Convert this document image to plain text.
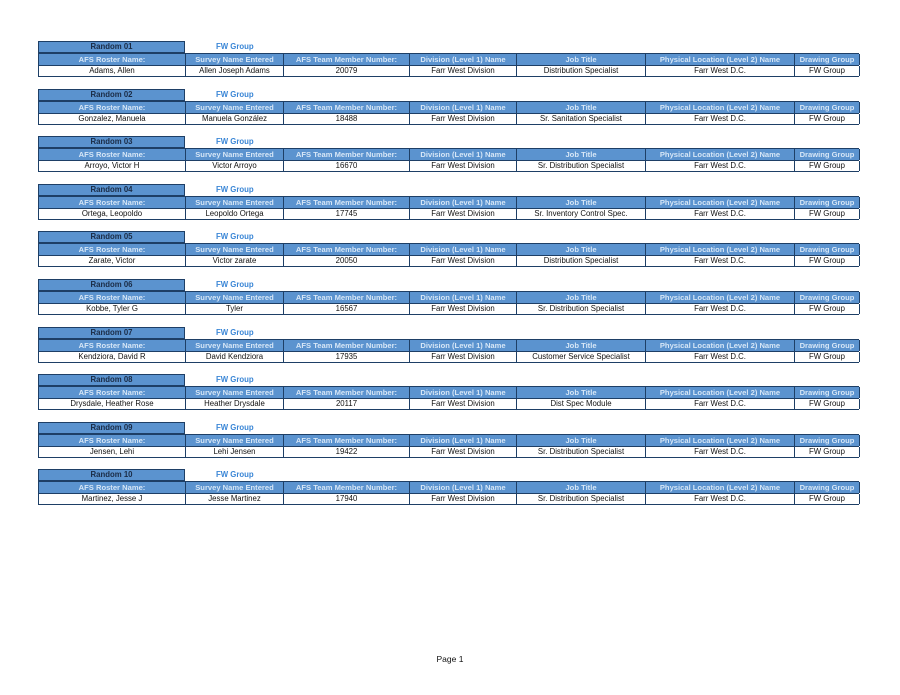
Random 01	FW Group
AFS Roster Name:	Survey Name Entered	AFS Team Member Number:	Division (Level 1) Name	Job Title	Physical Location (Level 2) Name	Drawing Group
Adams, Allen	Allen Joseph Adams	20079	Farr West Division	Distribution Specialist	Farr West D.C.	FW Group
Random 02	FW Group
AFS Roster Name:	Survey Name Entered	AFS Team Member Number:	Division (Level 1) Name	Job Title	Physical Location (Level 2) Name	Drawing Group
Gonzalez, Manuela	Manuela González	18488	Farr West Division	Sr. Sanitation Specialist	Farr West D.C.	FW Group
Random 03	FW Group
AFS Roster Name:	Survey Name Entered	AFS Team Member Number:	Division (Level 1) Name	Job Title	Physical Location (Level 2) Name	Drawing Group
Arroyo, Victor H	Victor Arroyo	16670	Farr West Division	Sr. Distribution Specialist	Farr West D.C.	FW Group
Random 04	FW Group
AFS Roster Name:	Survey Name Entered	AFS Team Member Number:	Division (Level 1) Name	Job Title	Physical Location (Level 2) Name	Drawing Group
Ortega, Leopoldo	Leopoldo Ortega	17745	Farr West Division	Sr. Inventory Control Spec.	Farr West D.C.	FW Group
Random 05	FW Group
AFS Roster Name:	Survey Name Entered	AFS Team Member Number:	Division (Level 1) Name	Job Title	Physical Location (Level 2) Name	Drawing Group
Zarate, Victor	Victor zarate	20050	Farr West Division	Distribution Specialist	Farr West D.C.	FW Group
Random 06	FW Group
AFS Roster Name:	Survey Name Entered	AFS Team Member Number:	Division (Level 1) Name	Job Title	Physical Location (Level 2) Name	Drawing Group
Kobbe, Tyler G	Tyler	16567	Farr West Division	Sr. Distribution Specialist	Farr West D.C.	FW Group
Random 07	FW Group
AFS Roster Name:	Survey Name Entered	AFS Team Member Number:	Division (Level 1) Name	Job Title	Physical Location (Level 2) Name	Drawing Group
Kendziora, David R	David Kendziora	17935	Farr West Division	Customer Service Specialist	Farr West D.C.	FW Group
Random 08	FW Group
AFS Roster Name:	Survey Name Entered	AFS Team Member Number:	Division (Level 1) Name	Job Title	Physical Location (Level 2) Name	Drawing Group
Drysdale, Heather Rose	Heather Drysdale	20117	Farr West Division	Dist Spec Module	Farr West D.C.	FW Group
Random 09	FW Group
AFS Roster Name:	Survey Name Entered	AFS Team Member Number:	Division (Level 1) Name	Job Title	Physical Location (Level 2) Name	Drawing Group
Jensen, Lehi	Lehi Jensen	19422	Farr West Division	Sr. Distribution Specialist	Farr West D.C.	FW Group
Random 10	FW Group
AFS Roster Name:	Survey Name Entered	AFS Team Member Number:	Division (Level 1) Name	Job Title	Physical Location (Level 2) Name	Drawing Group
Martinez, Jesse J	Jesse Martinez	17940	Farr West Division	Sr. Distribution Specialist	Farr West D.C.	FW Group
Page 1
